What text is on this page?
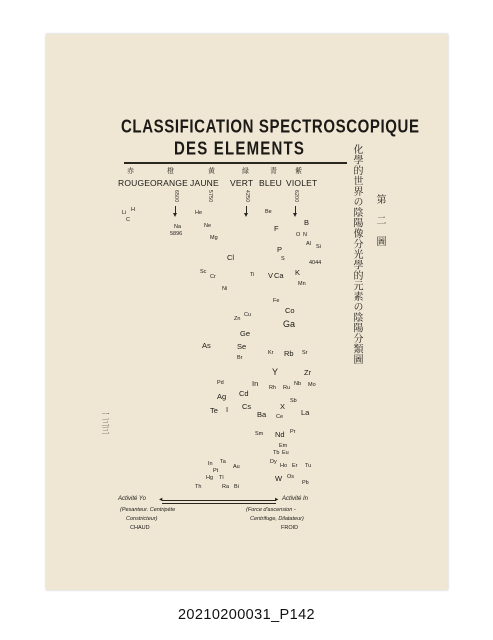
CLASSIFICATION SPECTROSCOPIQUE
DES ELEMENTS
赤	橙	黄	緑	青	紫
ROUGE ORANGE JAUNE VERT BLEU VIOLET
6500	5750	4250	6200
Li H
C
He	Be
B
Na
5896
Ne	F
O N
Mg
Al Si
P
S
4044
Cl
Sc
Cr	Ti V Ca K
Ni
Mn
Fe
Co
Zn
Cu
Ga
Ge
As	Se
Br
Kr Rb Sr
Y	Zr
Pd	In Rh Ru
Nb Mo
Ag Cd
Sb
X
Te I Cs
Ba Ce La
Sm Nd Pr
Em
Tb Eu
Dy
Ho Er Tu
W Os
Pb
In Ta
Au
Pt
Hg Tl
Th	Ra Bi
◄	►
Activité Yo	Activité In
(Pesanteur. Centripète
Constricteur)
CHAUD
(Force d'ascension -
Centrifuge, Dilatateur)
FROID
化學的世界の陰陽像分光學的元素の陰陽分類圖 第 二 圖
一三三
20210200031_P142
